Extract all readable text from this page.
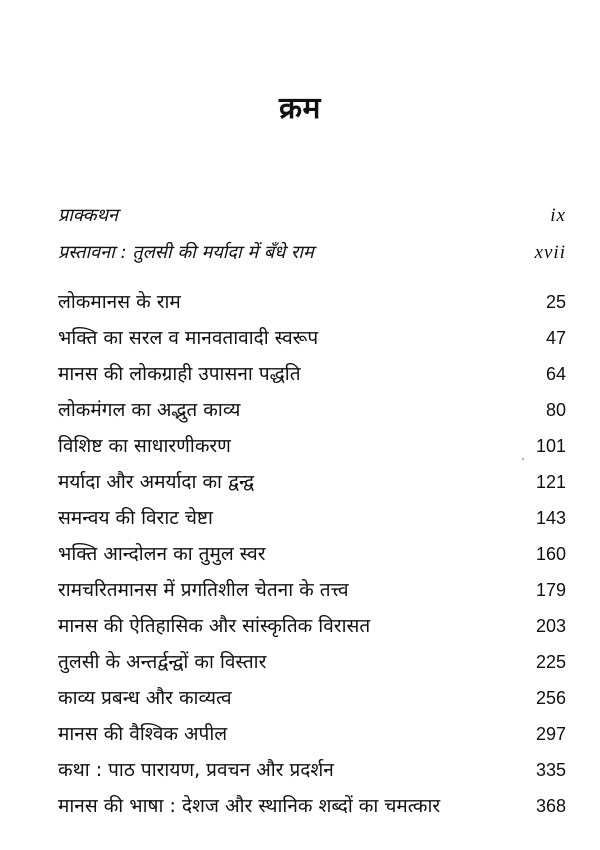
क्रम
प्राक्कथन	ix
प्रस्तावना : तुलसी की मर्यादा में बँधे राम	xvii
लोकमानस के राम	25
भक्ति का सरल व मानवतावादी स्वरूप	47
मानस की लोकग्राही उपासना पद्धति	64
लोकमंगल का अद्भुत काव्य	80
विशिष्ट का साधारणीकरण	101
मर्यादा और अमर्यादा का द्वन्द्व	121
समन्वय की विराट चेष्टा	143
भक्ति आन्दोलन का तुमुल स्वर	160
रामचरितमानस में प्रगतिशील चेतना के तत्त्व	179
मानस की ऐतिहासिक और सांस्कृतिक विरासत	203
तुलसी के अन्तर्द्वन्द्वों का विस्तार	225
काव्य प्रबन्ध और काव्यत्व	256
मानस की वैश्विक अपील	297
कथा : पाठ पारायण, प्रवचन और प्रदर्शन	335
मानस की भाषा : देशज और स्थानिक शब्दों का चमत्कार	368
